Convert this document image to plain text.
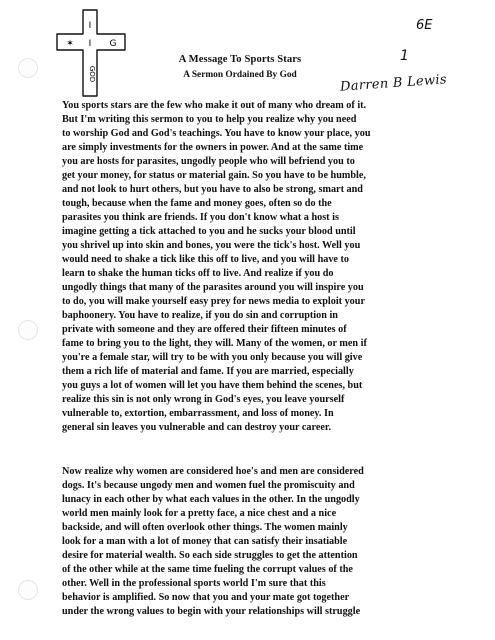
I
✶ I G
GOD
A Message To Sports Stars
A Sermon Ordained By God
6E
1
Darren B Lewis
You sports stars are the few who make it out of many who dream of it.
But I'm writing this sermon to you to help you realize why you need
to worship God and God's teachings. You have to know your place, you
are simply investments for the owners in power. And at the same time
you are hosts for parasites, ungodly people who will befriend you to
get your money, for status or material gain. So you have to be humble,
and not look to hurt others, but you have to also be strong, smart and
tough, because when the fame and money goes, often so do the
parasites you think are friends. If you don't know what a host is
imagine getting a tick attached to you and he sucks your blood until
you shrivel up into skin and bones, you were the tick's host. Well you
would need to shake a tick like this off to live, and you will have to
learn to shake the human ticks off to live. And realize if you do
ungodly things that many of the parasites around you will inspire you
to do, you will make yourself easy prey for news media to exploit your
baphoonery. You have to realize, if you do sin and corruption in
private with someone and they are offered their fifteen minutes of
fame to bring you to the light, they will. Many of the women, or men if
you're a female star, will try to be with you only because you will give
them a rich life of material and fame. If you are married, especially
you guys a lot of women will let you have them behind the scenes, but
realize this sin is not only wrong in God's eyes, you leave yourself
vulnerable to, extortion, embarrassment, and loss of money. In
general sin leaves you vulnerable and can destroy your career.
Now realize why women are considered hoe's and men are considered
dogs. It's because ungody men and women fuel the promiscuity and
lunacy in each other by what each values in the other. In the ungodly
world men mainly look for a pretty face, a nice chest and a nice
backside, and will often overlook other things. The women mainly
look for a man with a lot of money that can satisfy their insatiable
desire for material wealth. So each side struggles to get the attention
of the other while at the same time fueling the corrupt values of the
other. Well in the professional sports world I'm sure that this
behavior is amplified. So now that you and your mate got together
under the wrong values to begin with your relationships will struggle
